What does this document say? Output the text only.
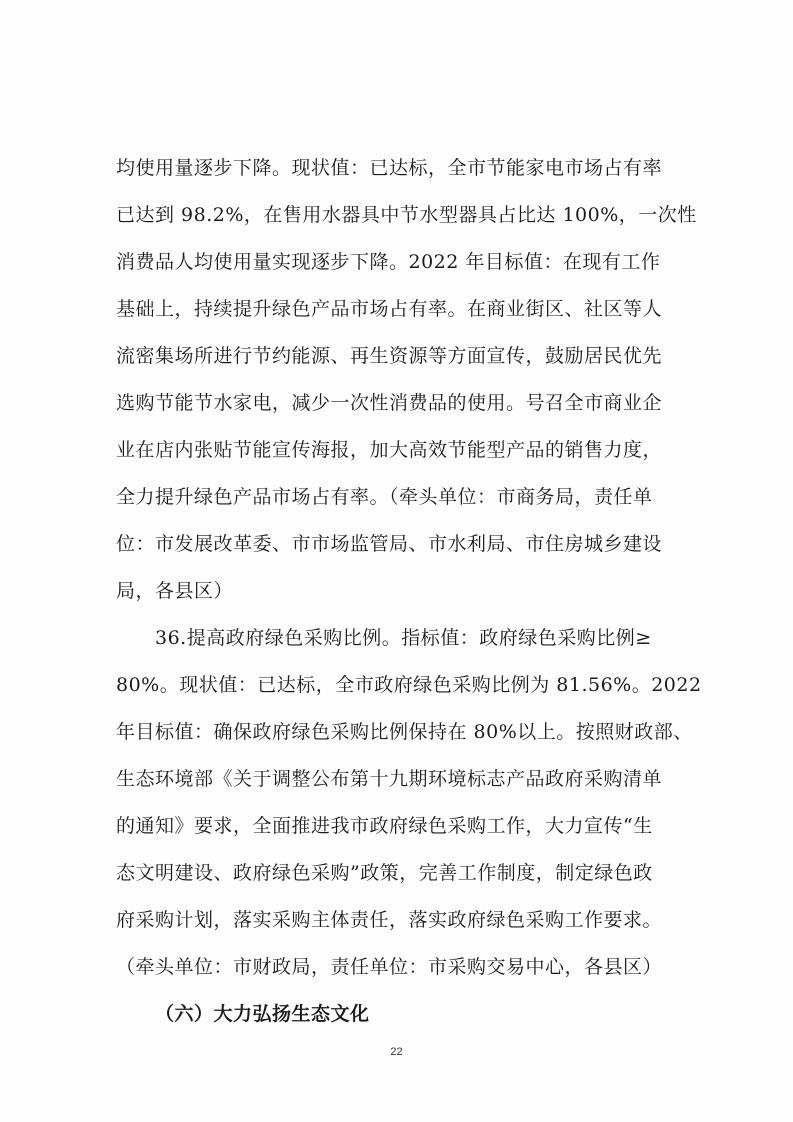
均使用量逐步下降。现状值：已达标，全市节能家电市场占有率
已达到 98.2%，在售用水器具中节水型器具占比达 100%，一次性
消费品人均使用量实现逐步下降。2022 年目标值：在现有工作
基础上，持续提升绿色产品市场占有率。在商业街区、社区等人
流密集场所进行节约能源、再生资源等方面宣传，鼓励居民优先
选购节能节水家电，减少一次性消费品的使用。号召全市商业企
业在店内张贴节能宣传海报，加大高效节能型产品的销售力度，
全力提升绿色产品市场占有率。（牵头单位：市商务局，责任单
位：市发展改革委、市市场监管局、市水利局、市住房城乡建设
局，各县区）
36.提高政府绿色采购比例。指标值：政府绿色采购比例≥
80%。现状值：已达标，全市政府绿色采购比例为 81.56%。2022
年目标值：确保政府绿色采购比例保持在 80%以上。按照财政部、
生态环境部《关于调整公布第十九期环境标志产品政府采购清单
的通知》要求，全面推进我市政府绿色采购工作，大力宣传“生
态文明建设、政府绿色采购”政策，完善工作制度，制定绿色政
府采购计划，落实采购主体责任，落实政府绿色采购工作要求。
（牵头单位：市财政局，责任单位：市采购交易中心，各县区）
（六）大力弘扬生态文化
22
